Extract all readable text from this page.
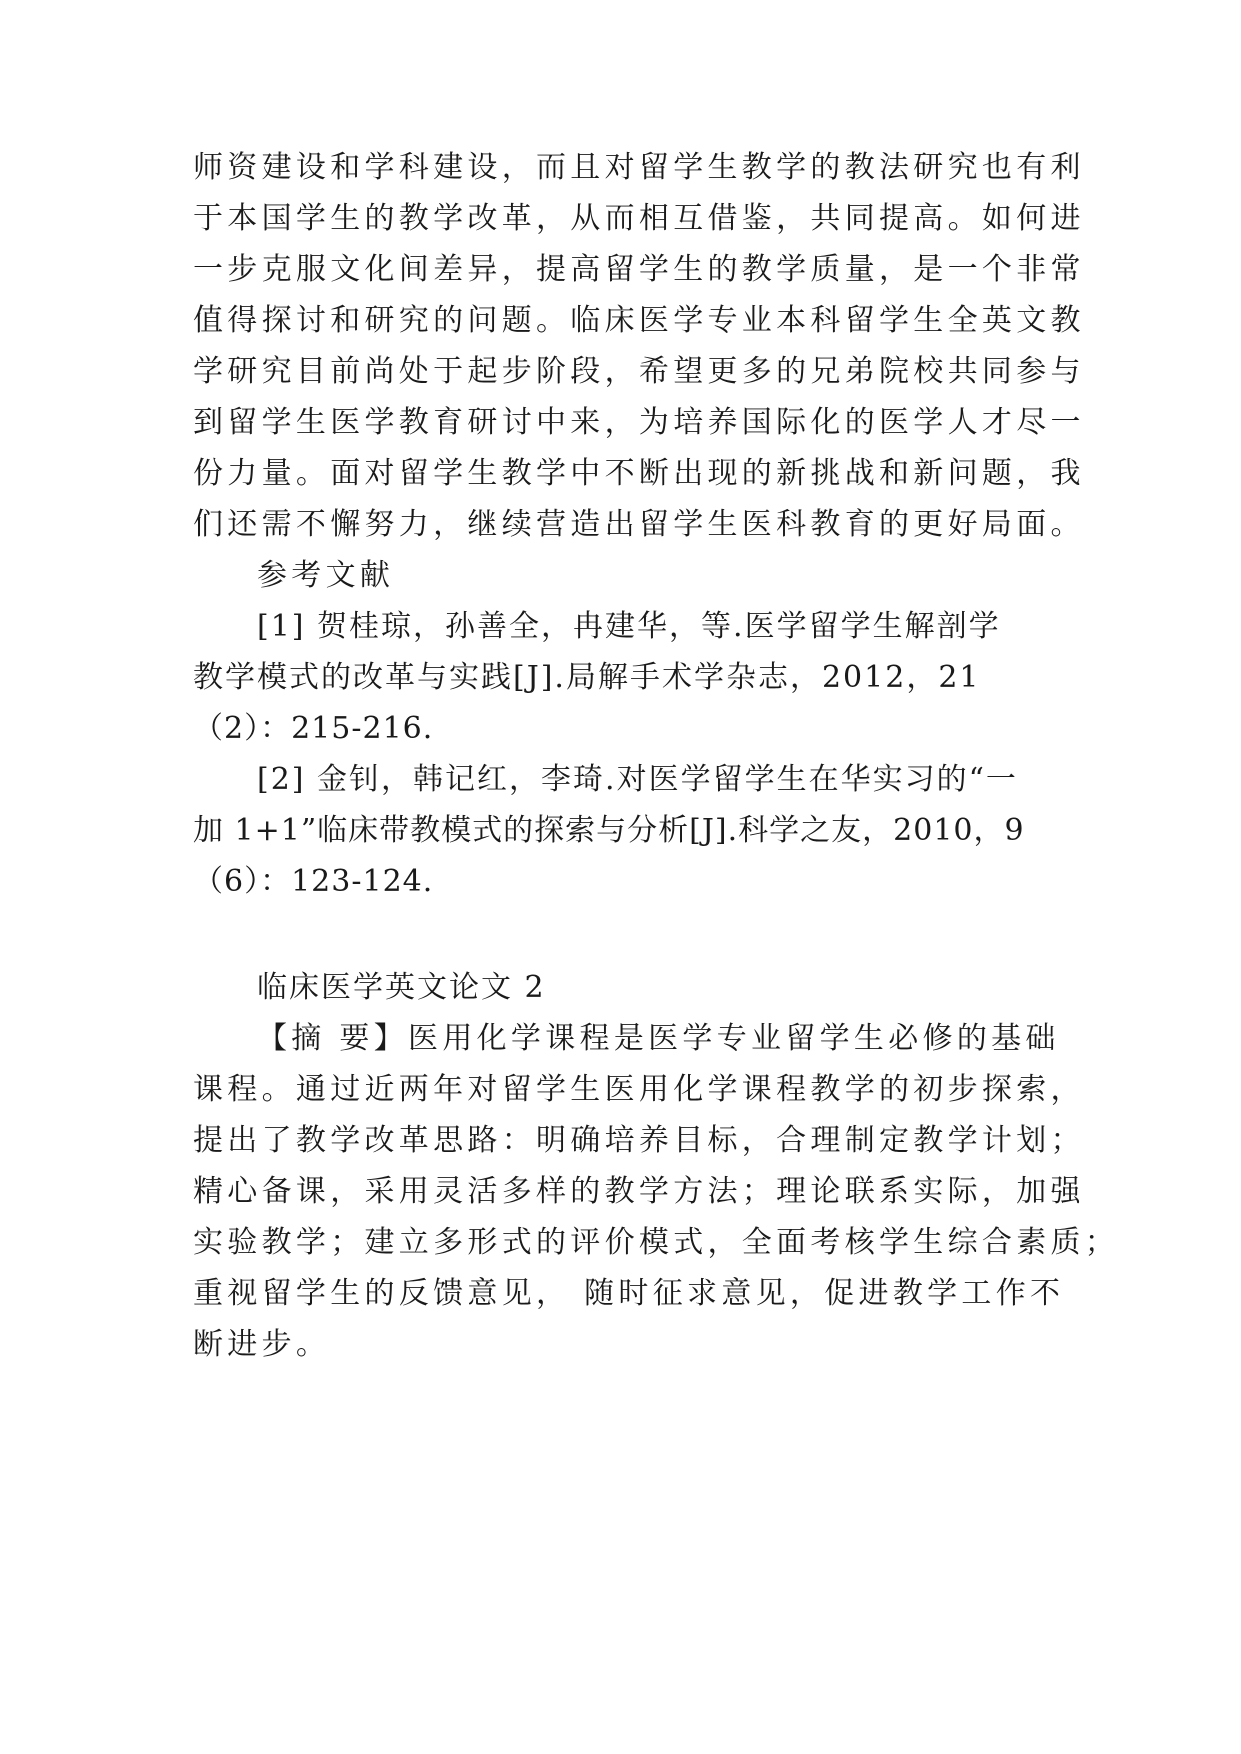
师资建设和学科建设，而且对留学生教学的教法研究也有利
于本国学生的教学改革，从而相互借鉴，共同提高。如何进
一步克服文化间差异，提高留学生的教学质量，是一个非常
值得探讨和研究的问题。临床医学专业本科留学生全英文教
学研究目前尚处于起步阶段，希望更多的兄弟院校共同参与
到留学生医学教育研讨中来，为培养国际化的医学人才尽一
份力量。面对留学生教学中不断出现的新挑战和新问题，我
们还需不懈努力，继续营造出留学生医科教育的更好局面。
参考文献
[1] 贺桂琼，孙善全，冉建华，等.医学留学生解剖学
教学模式的改革与实践[J].局解手术学杂志，2012，21
（2）：215-216.
[2] 金钊，韩记红，李琦.对医学留学生在华实习的“一
加 1+1”临床带教模式的探索与分析[J].科学之友，2010，9
（6）：123-124.
临床医学英文论文 2
【摘 要】医用化学课程是医学专业留学生必修的基础
课程。通过近两年对留学生医用化学课程教学的初步探索，
提出了教学改革思路：明确培养目标，合理制定教学计划；
精心备课，采用灵活多样的教学方法；理论联系实际，加强
实验教学；建立多形式的评价模式，全面考核学生综合素质；
重视留学生的反馈意见， 随时征求意见，促进教学工作不
断进步。
